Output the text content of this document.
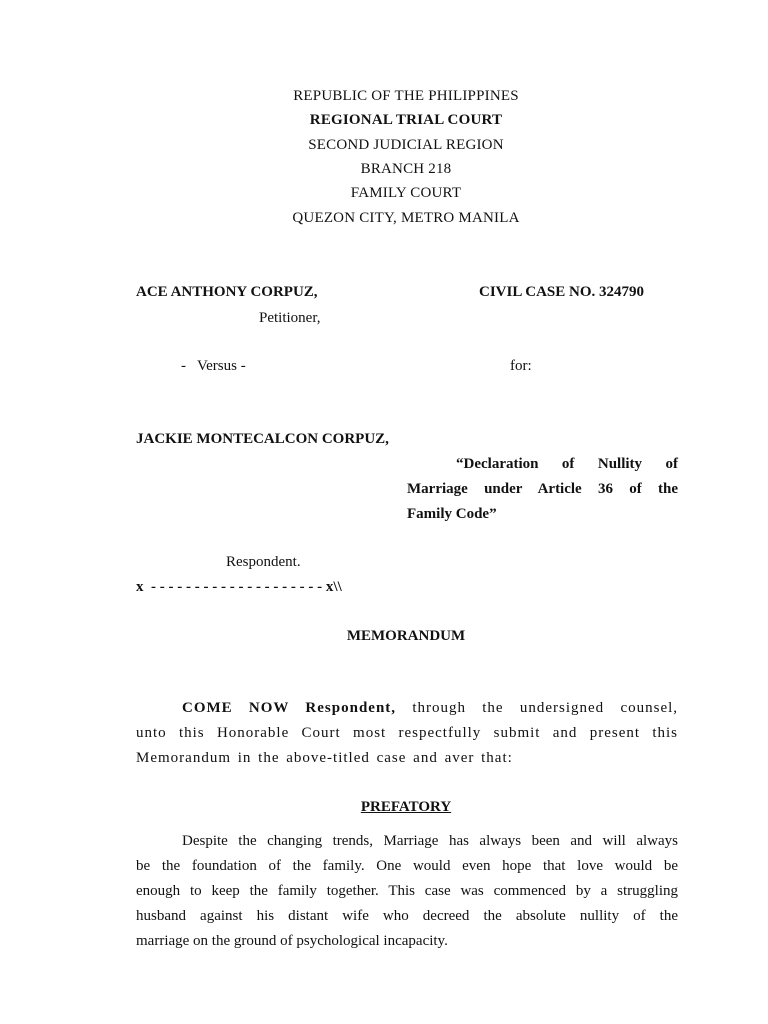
REPUBLIC OF THE PHILIPPINES
REGIONAL TRIAL COURT
SECOND JUDICIAL REGION
BRANCH 218
FAMILY COURT
QUEZON CITY, METRO MANILA
ACE ANTHONY CORPUZ,	CIVIL CASE NO. 324790
Petitioner,
-   Versus -	for:
JACKIE MONTECALCON CORPUZ,
“Declaration of Nullity of
Marriage under Article 36 of the
Family Code”
Respondent.
x  - - - - - - - - - - - - - - - - - - - - x\\
MEMORANDUM
COME NOW Respondent, through the undersigned counsel,
unto this Honorable Court most respectfully submit and present this
Memorandum in the above-titled case and aver that:
PREFATORY
Despite the changing trends, Marriage has always been and will always
be the foundation of the family. One would even hope that love would be
enough to keep the family together. This case was commenced by a struggling
husband against his distant wife who decreed the absolute nullity of the
marriage on the ground of psychological incapacity.
